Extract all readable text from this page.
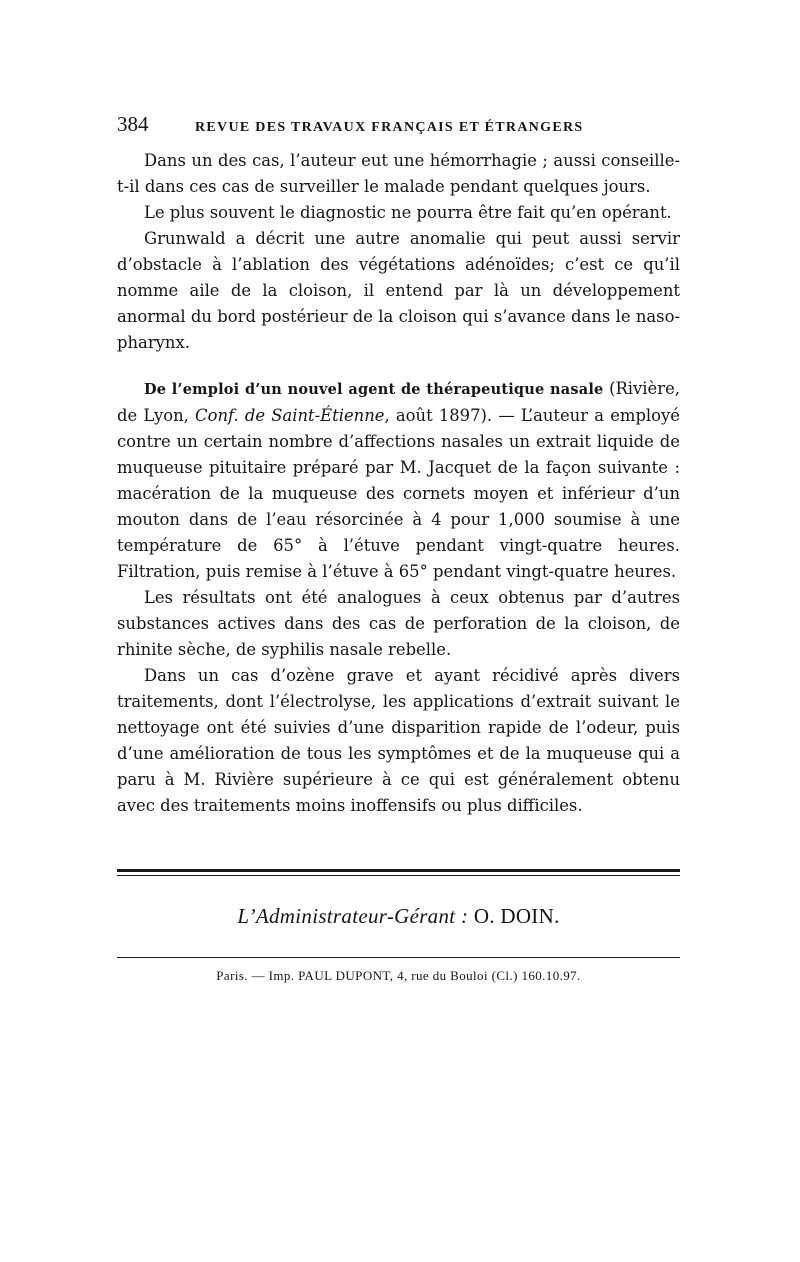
384	REVUE DES TRAVAUX FRANÇAIS ET ÉTRANGERS

Dans un des cas, l’auteur eut une hémorrhagie ; aussi conseille-t-il dans ces cas de surveiller le malade pendant quelques jours.

Le plus souvent le diagnostic ne pourra être fait qu’en opérant.

Grunwald a décrit une autre anomalie qui peut aussi servir d’obstacle à l’ablation des végétations adénoïdes; c’est ce qu’il nomme aile de la cloison, il entend par là un développement anormal du bord postérieur de la cloison qui s’avance dans le naso-pharynx.

De l’emploi d’un nouvel agent de thérapeutique nasale (Rivière, de Lyon, Conf. de Saint-Étienne, août 1897). — L’auteur a employé contre un certain nombre d’affections nasales un extrait liquide de muqueuse pituitaire préparé par M. Jacquet de la façon suivante : macération de la muqueuse des cornets moyen et inférieur d’un mouton dans de l’eau résorcinée à 4 pour 1,000 soumise à une température de 65° à l’étuve pendant vingt-quatre heures. Filtration, puis remise à l’étuve à 65° pendant vingt-quatre heures.

Les résultats ont été analogues à ceux obtenus par d’autres substances actives dans des cas de perforation de la cloison, de rhinite sèche, de syphilis nasale rebelle.

Dans un cas d’ozène grave et ayant récidivé après divers traitements, dont l’électrolyse, les applications d’extrait suivant le nettoyage ont été suivies d’une disparition rapide de l’odeur, puis d’une amélioration de tous les symptômes et de la muqueuse qui a paru à M. Rivière supérieure à ce qui est généralement obtenu avec des traitements moins inoffensifs ou plus difficiles.

L’Administrateur-Gérant : O. DOIN.
Paris. — Imp. PAUL DUPONT, 4, rue du Bouloi (Cl.) 160.10.97.
